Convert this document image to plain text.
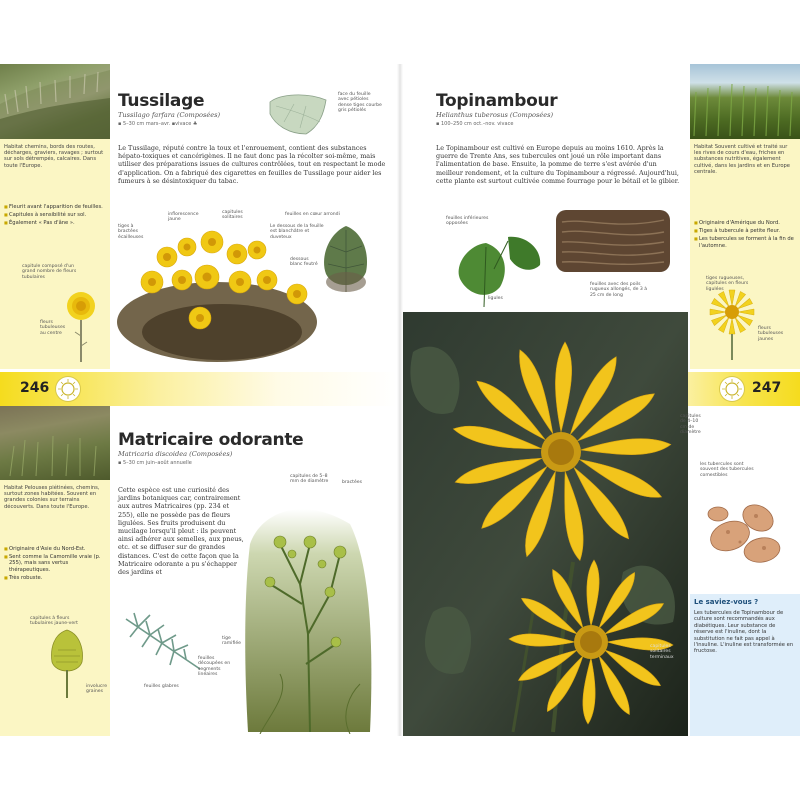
Habitat chemins, bords des routes, décharges, graviers, ravages ; surtout sur sols détrempés, calcaires. Dans toute l'Europe.
■ Fleurit avant l'apparition de feuilles.
■ Capitules à sensibilité sur sol.
■ Également « Pas d'âne ».
capitule composé d'un grand nombre de fleurs tubulaires
fleurs tubuleuses au centre
Tussilage
Tussilago farfara (Composées)
▪ 5–30 cm mars–avr. ▪vivace ♣
face du feuille avec pétioles dense tiges courbe gris pétiolés
Le Tussilage, réputé contre la toux et l'enrouement, contient des substances hépato-toxiques et cancérigènes. Il ne faut donc pas la récolter soi-même, mais utiliser des préparations issues de cultures contrôlées, tout en respectant le mode d'application. On a fabriqué des cigarettes en feuilles de Tussilage pour aider les fumeurs à se désintoxiquer du tabac.
tiges à bractées écailleuses
inflorescence jaune
capitules solitaires
feuilles en cœur arrondi
Le dessous de la feuille est blanchâtre et duveteux
dessous blanc feutré
246
Habitat Pelouses piétinées, chemins, surtout zones habitées. Souvent en grandes colonies sur terrains découverts. Dans toute l'Europe.
■ Originaire d'Asie du Nord-Est.
■ Sent comme la Camomille vraie (p. 255), mais sans vertus thérapeutiques.
■ Très robuste.
capitules à fleurs tubulaires jaune-vert
involucre graines
Matricaire odorante
Matricaria discoidea (Composées)
▪ 5–30 cm juin–août annuelle
Cette espèce est une curiosité des jardins botaniques car, contrairement aux autres Matricaires (pp. 234 et 255), elle ne possède pas de fleurs ligulées. Ses fruits produisent du mucilage lorsqu'il pleut : ils peuvent ainsi adhérer aux semelles, aux pneus, etc. et se diffuser sur de grandes distances. C'est de cette façon que la Matricaire odorante a pu s'échapper des jardins et
capitules de 5–8 mm de diamètre	bractées
tige ramifiée
feuilles découpées en segments linéaires
feuilles glabres
Topinambour
Helianthus tuberosus (Composées)
▪ 100–250 cm oct.–nov. vivace
Le Topinambour est cultivé en Europe depuis au moins 1610. Après la guerre de Trente Ans, ses tubercules ont joué un rôle important dans l'alimentation de base. Ensuite, la pomme de terre s'est avérée d'un meilleur rendement, et la culture du Topinambour a régressé. Aujourd'hui, cette plante est surtout cultivée comme fourrage pour le bétail et le gibier.
feuilles inférieures opposées
ligules
feuilles avec des poils rugueux allongés, de 3 à 25 cm de long
capitules de 4–10 cm de diamètre
capitules solitaires terminaux
Habitat Souvent cultivé et traité sur les rives de cours d'eau, friches en substances nutritives, également cultivé, dans les jardins et en Europe centrale.
■ Originaire d'Amérique du Nord.
■ Tiges à tubercule à petite fleur.
■ Les tubercules se forment à la fin de l'automne.
tiges rugueuses, capitules en fleurs ligulées
fleurs tubuleuses jaunes
247
les tubercules sont souvent des tubercules comestibles
Le saviez-vous ?
Les tubercules de Topinambour de culture sont recommandés aux diabétiques. Leur substance de réserve est l'inuline, dont la substitution ne fait pas appel à l'insuline. L'inuline est transformée en fructose.
